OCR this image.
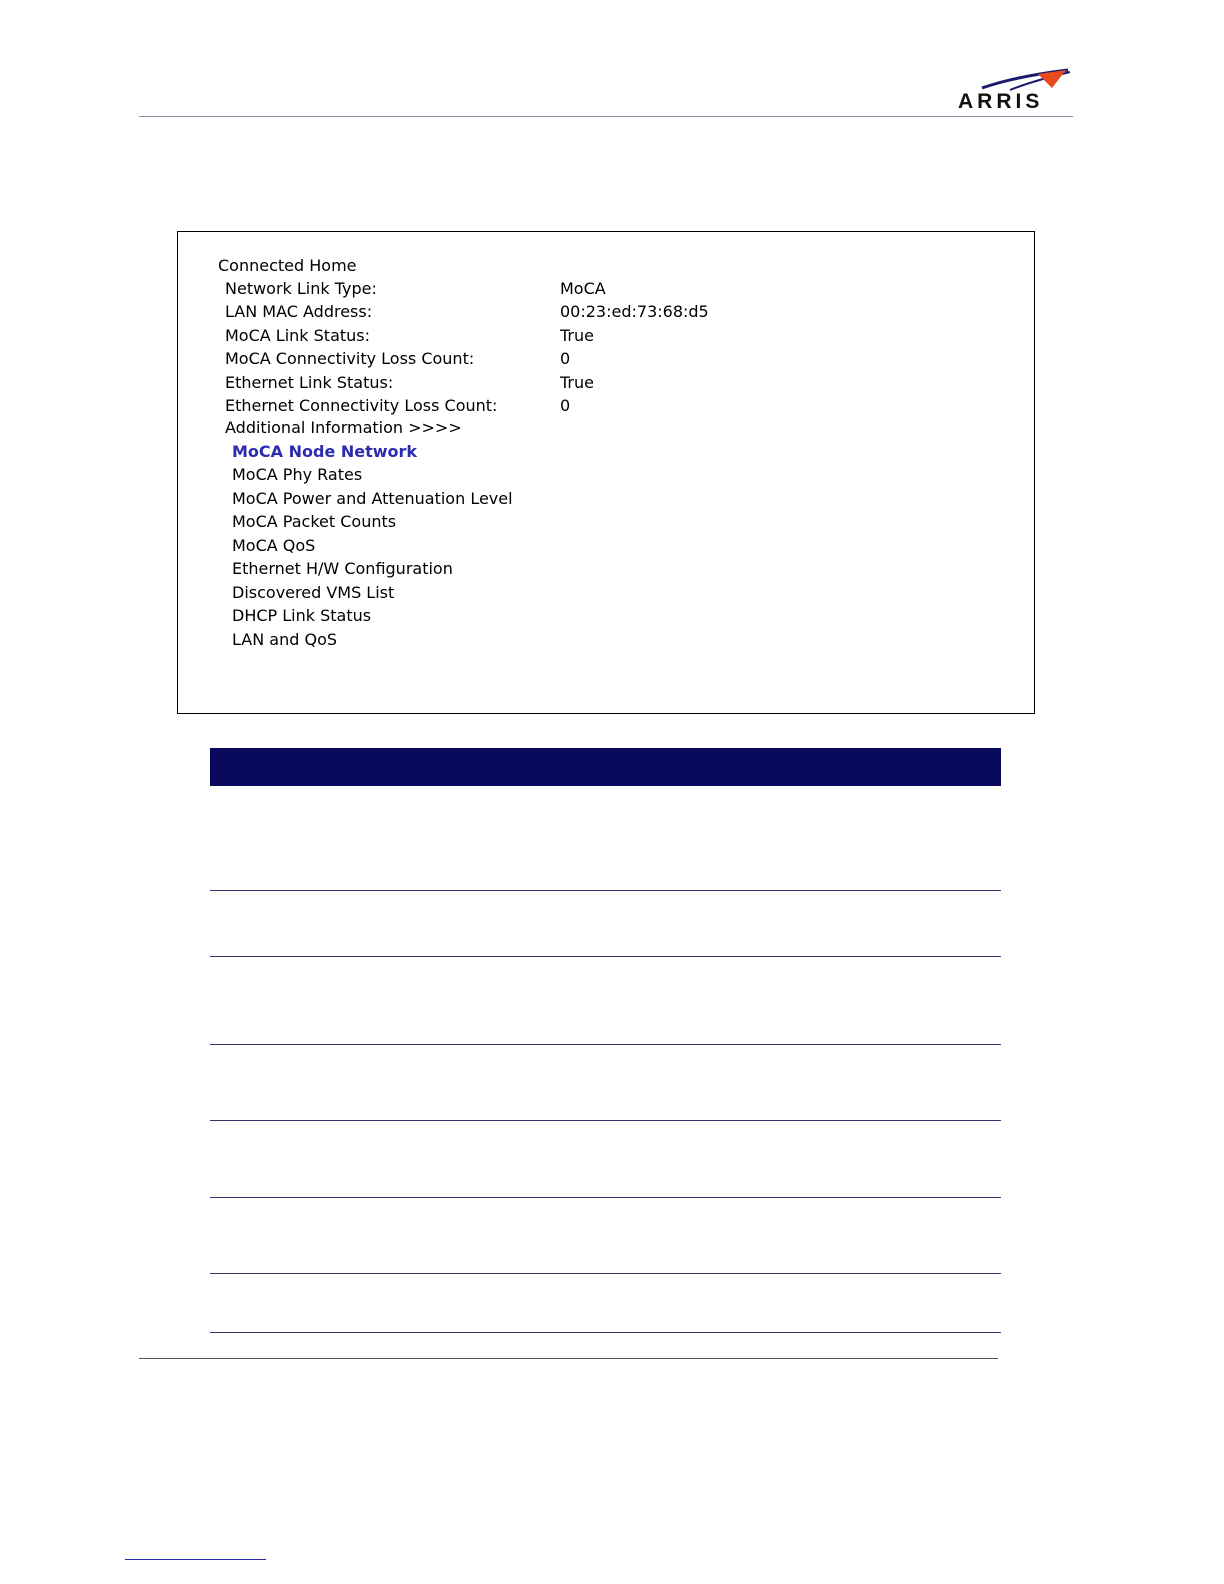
ARRIS
Connected Home
Network Link Type:	MoCA
LAN MAC Address:	00:23:ed:73:68:d5
MoCA Link Status:	True
MoCA Connectivity Loss Count:	0
Ethernet Link Status:	True
Ethernet Connectivity Loss Count:	0
Additional Information >>>>
MoCA Node Network
MoCA Phy Rates
MoCA Power and Attenuation Level
MoCA Packet Counts
MoCA QoS
Ethernet H/W Configuration
Discovered VMS List
DHCP Link Status
LAN and QoS
